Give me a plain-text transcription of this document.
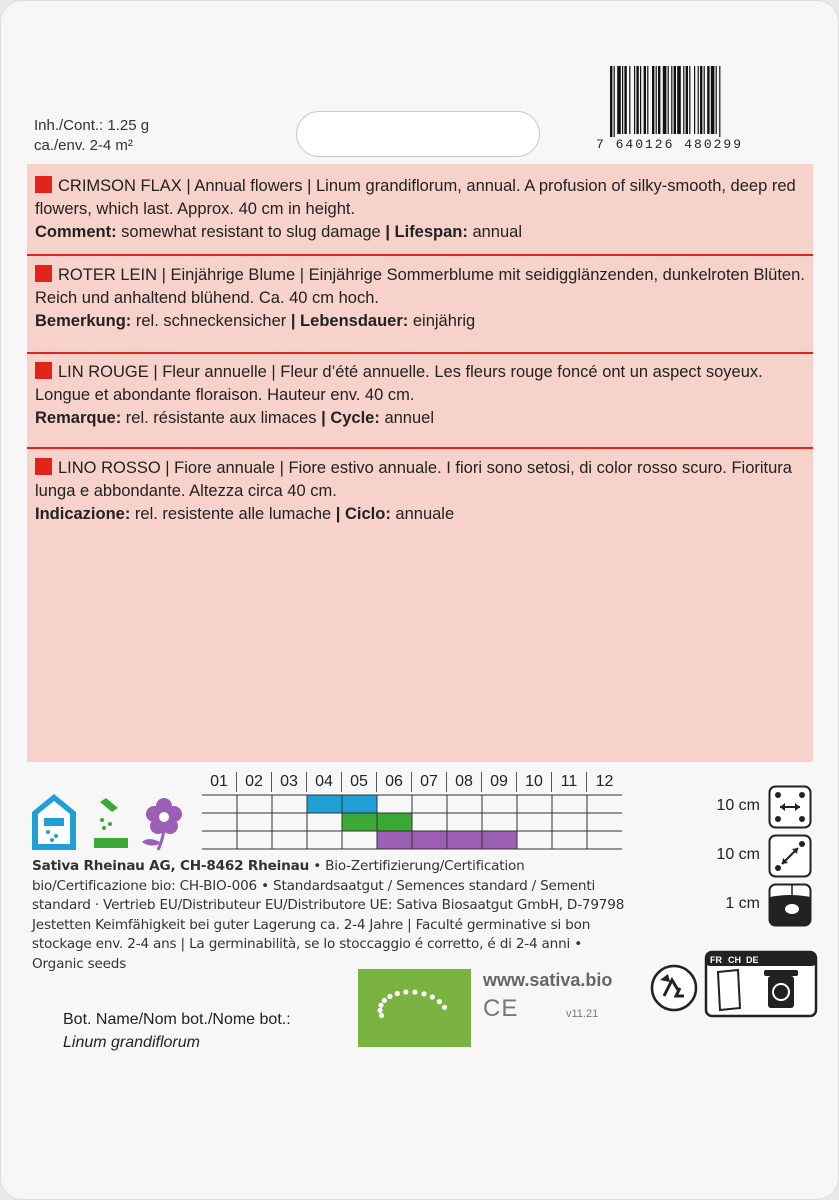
Inh./Cont.: 1.25 g
ca./env. 2-4 m²	7 640126 480299

CRIMSON FLAX | Annual flowers | Linum grandiflorum, annual. A profusion of silky-smooth, deep red flowers, which last. Approx. 40 cm in height.

Comment: somewhat resistant to slug damage | Lifespan: annual

ROTER LEIN | Einjährige Blume | Einjährige Sommerblume mit seidigglänzenden, dunkelroten Blüten. Reich und anhaltend blühend. Ca. 40 cm hoch.

Bemerkung: rel. schneckensicher | Lebensdauer: einjährig

LIN ROUGE | Fleur annuelle | Fleur d’été annuelle. Les fleurs rouge foncé ont un aspect soyeux. Longue et abondante floraison. Hauteur env. 40 cm.

Remarque: rel. résistante aux limaces | Cycle: annuel

LINO ROSSO | Fiore annuale | Fiore estivo annuale. I fiori sono setosi, di color rosso scuro. Fioritura lunga e abbondante. Altezza circa 40 cm.

Indicazione: rel. resistente alle lumache | Ciclo: annuale

01	02	03	04	05	06	07	08	09	10	11	12
Sativa Rheinau AG, CH-8462 Rheinau • Bio-Zertifizierung/Certification bio/Certificazione bio: CH-BIO-006 • Standardsaatgut / Semences standard / Sementi standard · Vertrieb EU/Distributeur EU/Distributore UE: Sativa Biosaatgut GmbH, D-79798 Jestetten Keimfähigkeit bei guter Lagerung ca. 2-4 Jahre | Faculté germinative si bon stockage env. 2-4 ans | La germinabilità, se lo stoccaggio é corretto, é di 2-4 anni • Organic seeds
10 cm
10 cm
1 cm
www.sativa.bio
CE	v11.21
FR CH DE
Bot. Name/Nom bot./Nome bot.:
Linum grandiflorum
